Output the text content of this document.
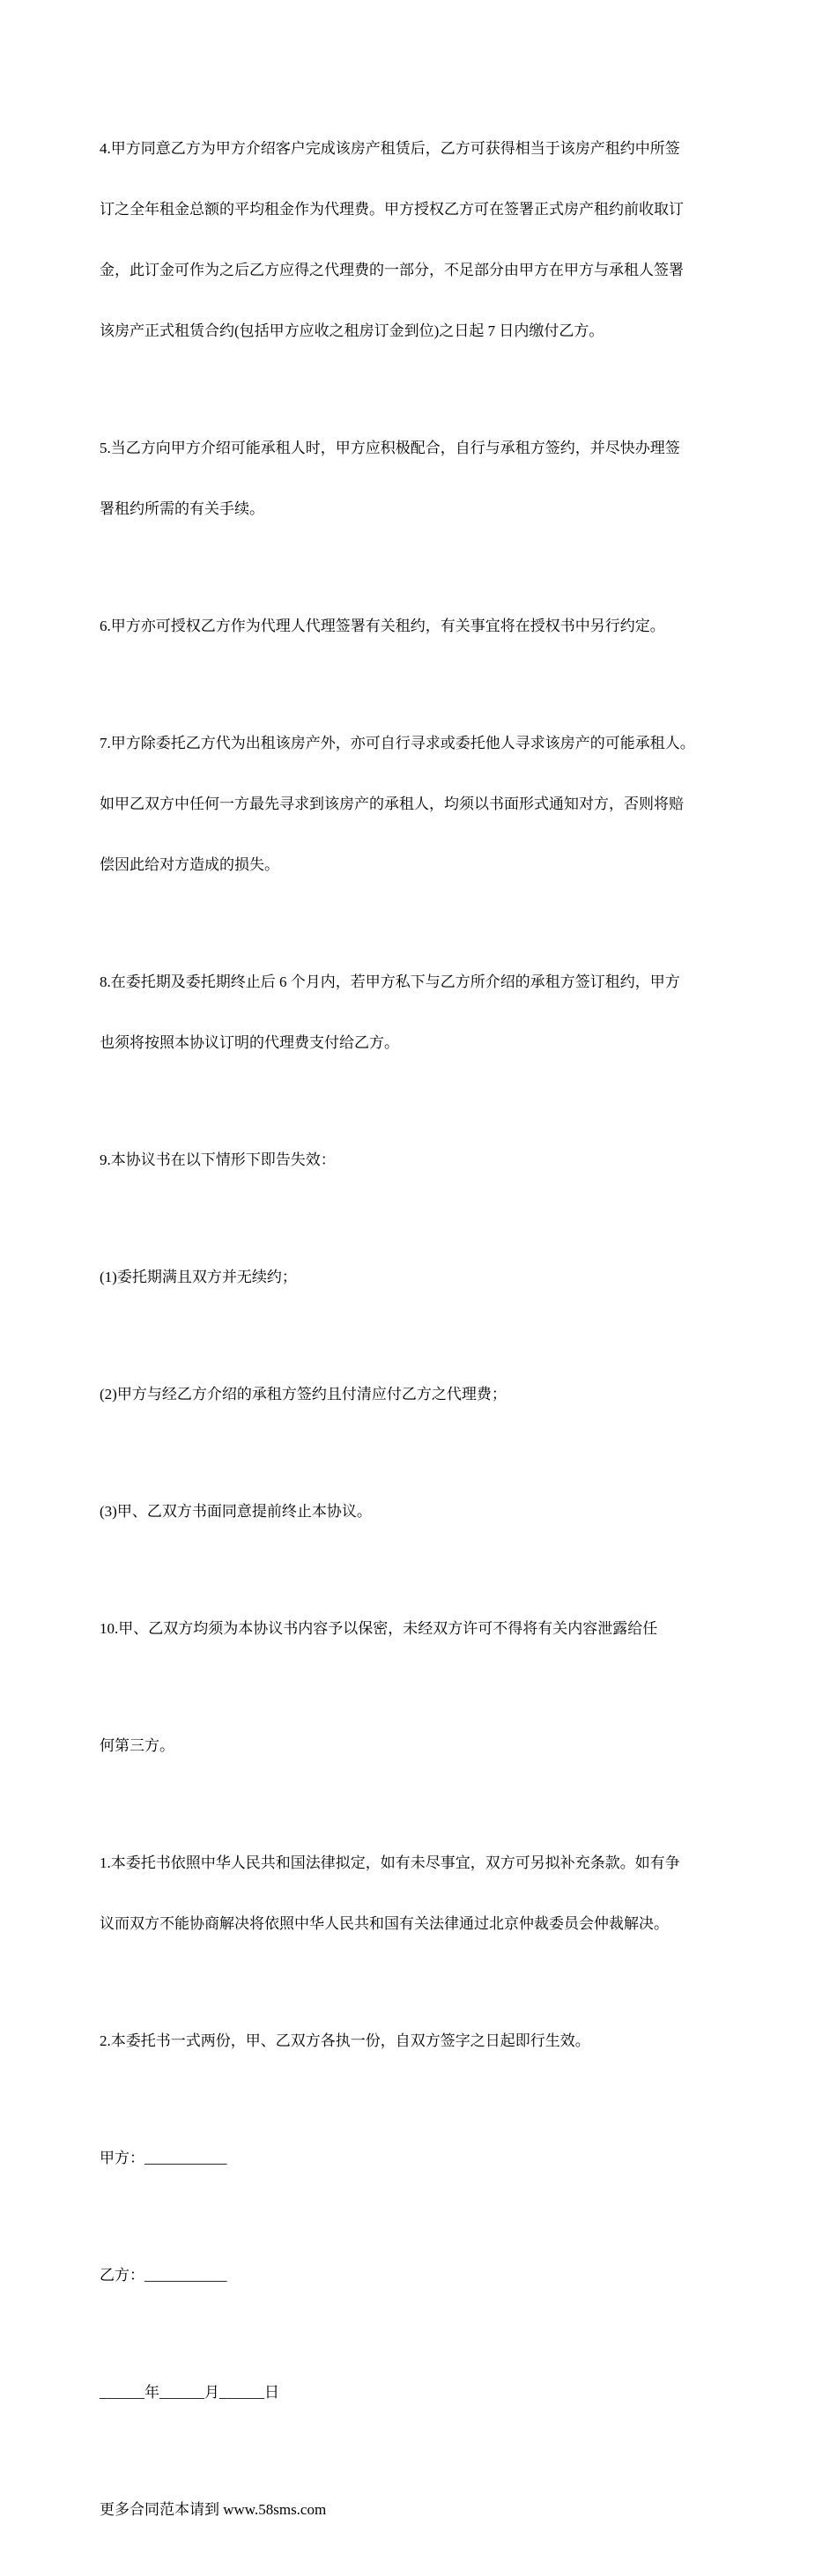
4.甲方同意乙方为甲方介绍客户完成该房产租赁后，乙方可获得相当于该房产租约中所签

订之全年租金总额的平均租金作为代理费。甲方授权乙方可在签署正式房产租约前收取订

金，此订金可作为之后乙方应得之代理费的一部分，不足部分由甲方在甲方与承租人签署

该房产正式租赁合约(包括甲方应收之租房订金到位)之日起 7 日内缴付乙方。

5.当乙方向甲方介绍可能承租人时，甲方应积极配合，自行与承租方签约，并尽快办理签

署租约所需的有关手续。

6.甲方亦可授权乙方作为代理人代理签署有关租约，有关事宜将在授权书中另行约定。

7.甲方除委托乙方代为出租该房产外，亦可自行寻求或委托他人寻求该房产的可能承租人。

如甲乙双方中任何一方最先寻求到该房产的承租人，均须以书面形式通知对方，否则将赔

偿因此给对方造成的损失。

8.在委托期及委托期终止后 6 个月内，若甲方私下与乙方所介绍的承租方签订租约，甲方

也须将按照本协议订明的代理费支付给乙方。

9.本协议书在以下情形下即告失效：

(1)委托期满且双方并无续约；

(2)甲方与经乙方介绍的承租方签约且付清应付乙方之代理费；

(3)甲、乙双方书面同意提前终止本协议。

10.甲、乙双方均须为本协议书内容予以保密，未经双方许可不得将有关内容泄露给任

何第三方。

1.本委托书依照中华人民共和国法律拟定，如有未尽事宜，双方可另拟补充条款。如有争

议而双方不能协商解决将依照中华人民共和国有关法律通过北京仲裁委员会仲裁解决。

2.本委托书一式两份，甲、乙双方各执一份，自双方签字之日起即行生效。

甲方：___________

乙方：___________

______年______月______日

更多合同范本请到 www.58sms.com
